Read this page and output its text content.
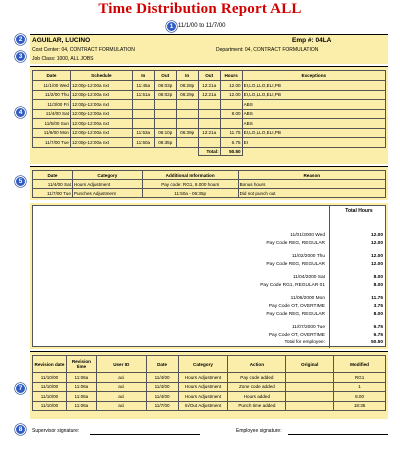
Time Distribution Report ALL
1 11/1/00 to 11/7/00
2
3
AGUILAR, LUCINO	Emp #: 04LA
Cost Center: 04, CONTRACT FORMULATION	Department: 04, CONTRACT FORMULATION
Job Class: 1000, ALL JOBS
4
Date	Schedule	In	Out	In	Out	Hours	Exceptions
11/1/00 Wed	12:00p-12:00a nxt	11:45a	06:03p	06:28p	12:21a	12.00	EI,LO,LLO,ELI,PB
11/2/00 Thu	12:00p-12:00a nxt	11:51a	06:02p	06:29p	12:21a	12.00	EI,LO,LLO,ELI,PB
11/3/00 Fri	12:00p-12:00a nxt						ABS
11/4/00 Sat	12:00p-12:00a nxt					8.00	ABS
11/5/00 Sun	12:00p-12:00a nxt						ABS
11/6/00 Mon	12:00p-12:00a nxt	11:53a	06:10p	06:39p	12:21a	11.75	EI,LO,LLO,ELI,PB
11/7/00 Tue	12:00p-12:00a nxt	11:50a	06:35p			6.75	EI
					Total:	50.50	
5
Date	Category	Additional Information	Reason
11/4/00 Sat	Hours Adjustment	Pay code: RG1, 8.000 hours	Bonus hours
11/7/00 Tue	Punches Adjustment	11:50a - 06:35p	Did not punch out
Total Hours
11/01/2000 Wed	12.00
Pay Code REG, REGULAR	12.00
11/02/2000 Thu	12.00
Pay Code REG, REGULAR	12.00
11/04/2000 Sat	8.00
Pay Code RG1, REGULAR 01	8.00
11/06/2000 Mon	11.75
Pay Code OT, OVERTIME	3.75
Pay Code REG, REGULAR	8.00
11/07/2000 Tue	6.75
Pay Code OT, OVERTIME	6.75
Total for employee:	50.50
7
Revision date	Revision time	User ID	Date	Category	Action	Original	Modified
11/10/00	11:06a	aci	11/4/00	Hours Adjustment	Pay code added		RG1
11/10/00	11:06a	aci	11/4/00	Hours Adjustment	Zone code added		1
11/10/00	11:06a	aci	11/4/00	Hours Adjustment	Hours added		8.00
11/10/00	11:06a	aci	11/7/00	In/Out Adjustment	Punch time added		18:35
8	Supervisor signature:	Employee signature:
